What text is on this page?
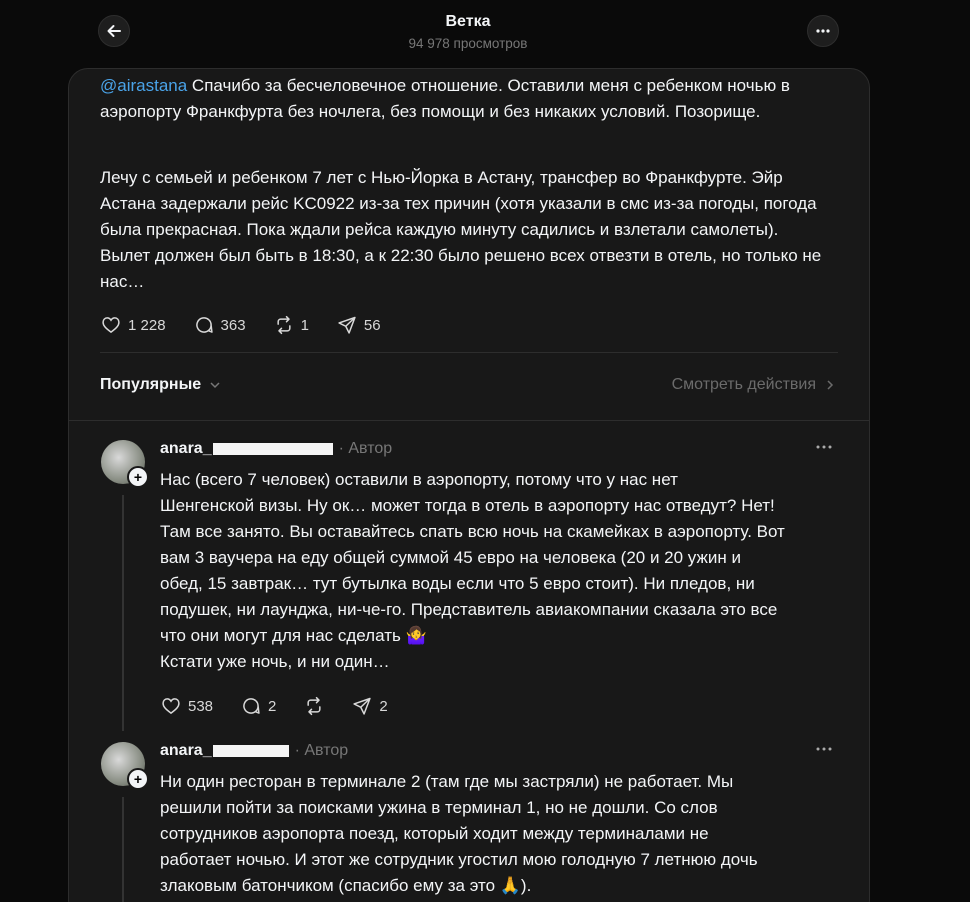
Ветка
94 978 просмотров
@airastana Спачибо за бесчеловечное отношение. Оставили меня с ребенком ночью в аэропорту Франкфурта без ночлега, без помощи и без никаких условий. Позорище.
Лечу с семьей и ребенком 7 лет с Нью-Йорка в Астану, трансфер во Франкфурте. Эйр Астана задержали рейс KC0922 из-за тех причин (хотя указали в смс из-за погоды, погода была прекрасная. Пока ждали рейса каждую минуту садились и взлетали самолеты). Вылет должен был быть в 18:30, а к 22:30 было решено всех отвезти в отель, но только не нас…
1 228	363	1	56
Популярные	Смотреть действия
+
anara_	· Автор
Нас (всего 7 человек) оставили в аэропорту, потому что у нас нет
Шенгенской визы. Ну ок… может тогда в отель в аэропорту нас отведут? Нет!
Там все занято. Вы оставайтесь спать всю ночь на скамейках в аэропорту. Вот
вам 3 ваучера на еду общей суммой 45 евро на человека (20 и 20 ужин и
обед, 15 завтрак… тут бутылка воды если что 5 евро стоит). Ни пледов, ни
подушек, ни лаунджа, ни-че-го. Представитель авиакомпании сказала это все
что они могут для нас сделать 🤷‍♀️
Кстати уже ночь, и ни один…
538	2	2
+
anara_	· Автор
Ни один ресторан в терминале 2 (там где мы застряли) не работает. Мы
решили пойти за поисками ужина в терминал 1, но не дошли. Со слов
сотрудников аэропорта поезд, который ходит между терминалами не
работает ночью. И этот же сотрудник угостил мою голодную 7 летнюю дочь
злаковым батончиком (спасибо ему за это 🙏).
